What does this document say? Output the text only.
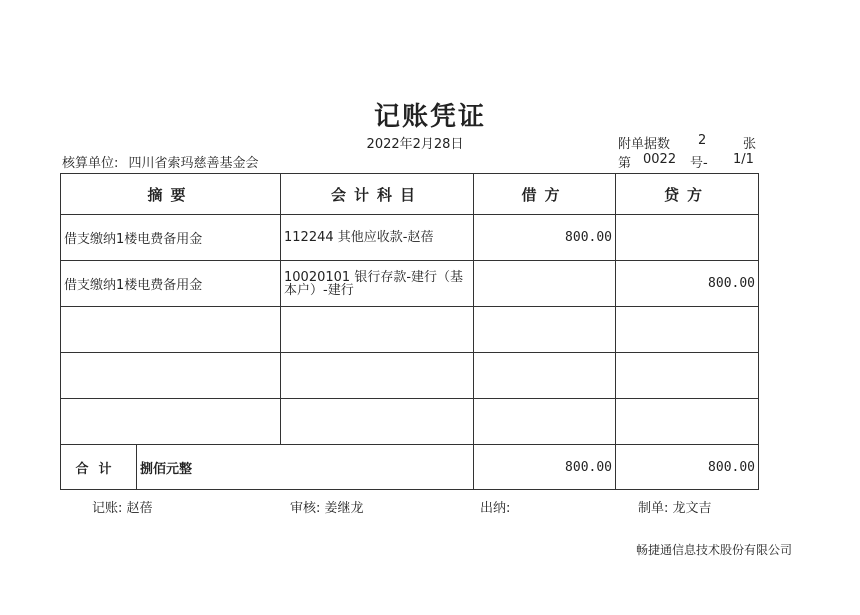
记账凭证
2022年2月28日
核算单位: 四川省索玛慈善基金会
附单据数 2	张
第 0022 号- 1/1
摘要		会计科目	借方	贷方
借支缴纳1楼电费备用金		112244 其他应收款-赵蓓	800.00	
借支缴纳1楼电费备用金		10020101 银行存款-建行（基本户）-建行		800.00

合计	捌佰元整		800.00	800.00
记账: 赵蓓	审核: 姜继龙	出纳:	制单: 龙文吉
畅捷通信息技术股份有限公司
